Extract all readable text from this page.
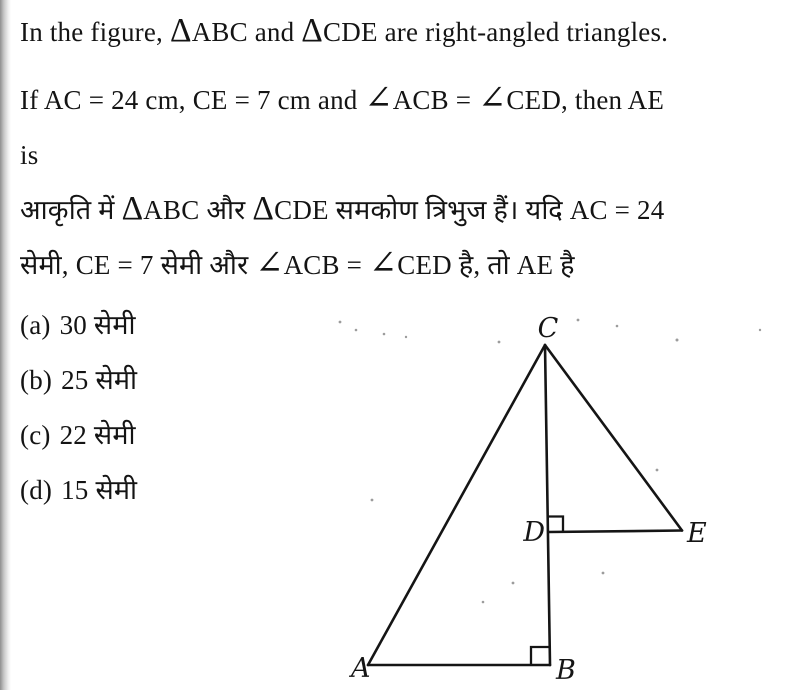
In the figure, ΔABC and ΔCDE are right-angled triangles.
If AC = 24 cm, CE = 7 cm and ∠ACB = ∠CED, then AE
is
आकृति में ΔABC और ΔCDE समकोण त्रिभुज हैं। यदि AC = 24
सेमी, CE = 7 सेमी और ∠ACB = ∠CED है, तो AE है
(a) 30 सेमी
(b) 25 सेमी
(c) 22 सेमी
(d) 15 सेमी
C
A	B
D	E
